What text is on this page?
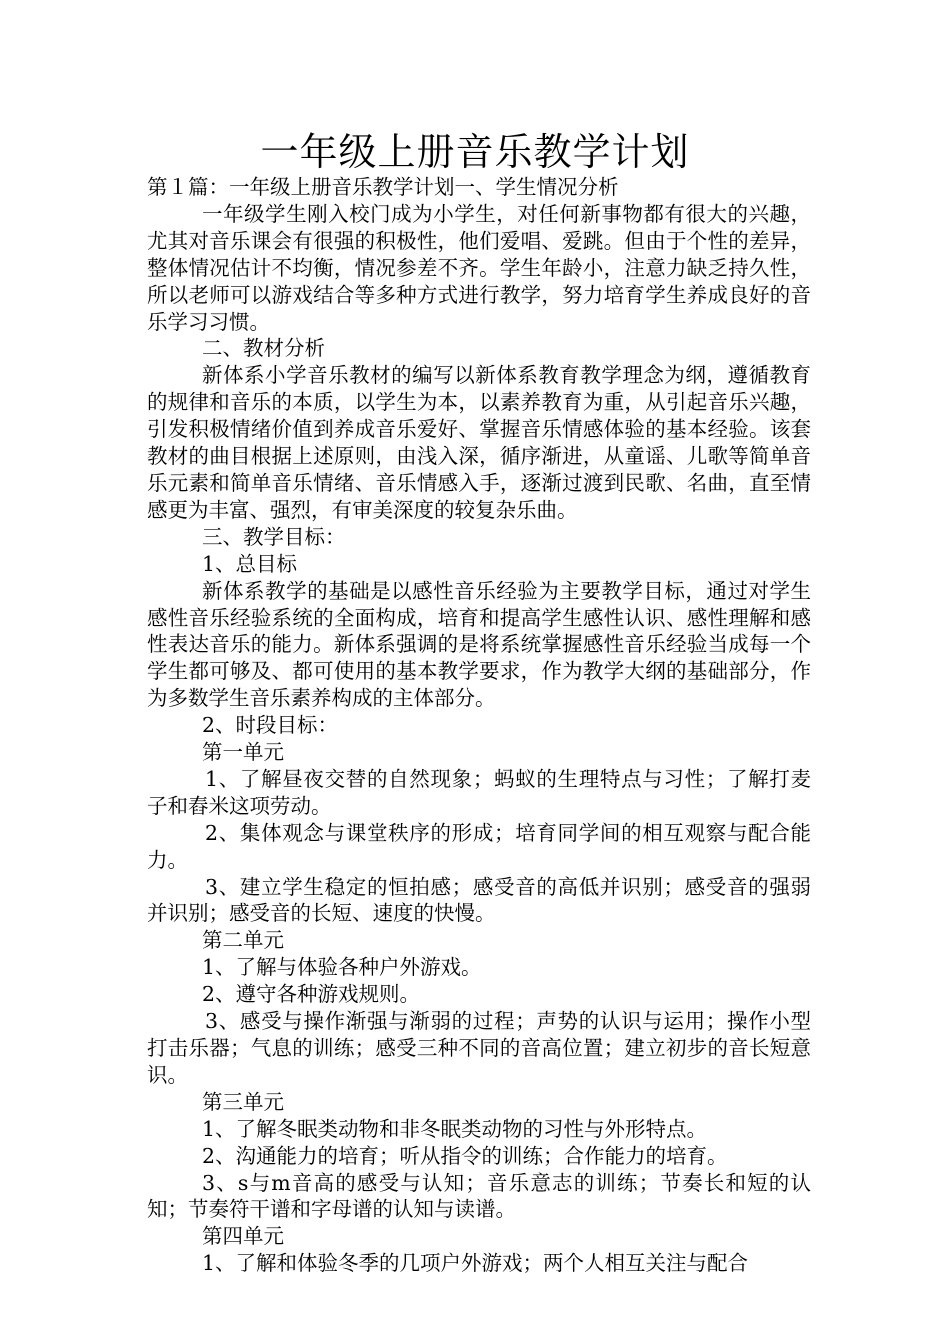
一年级上册音乐教学计划

第１篇：一年级上册音乐教学计划一、学生情况分析

一年级学生刚入校门成为小学生，对任何新事物都有很大的兴趣，尤其对音乐课会有很强的积极性，他们爱唱、爱跳。但由于个性的差异，整体情况估计不均衡，情况参差不齐。学生年龄小，注意力缺乏持久性，所以老师可以游戏结合等多种方式进行教学，努力培育学生养成良好的音乐学习习惯。

二、教材分析

新体系小学音乐教材的编写以新体系教育教学理念为纲，遵循教育的规律和音乐的本质，以学生为本，以素养教育为重，从引起音乐兴趣，引发积极情绪价值到养成音乐爱好、掌握音乐情感体验的基本经验。该套教材的曲目根据上述原则，由浅入深，循序渐进，从童谣、儿歌等简单音乐元素和简单音乐情绪、音乐情感入手，逐渐过渡到民歌、名曲，直至情感更为丰富、强烈，有审美深度的较复杂乐曲。

三、教学目标：

1、总目标

新体系教学的基础是以感性音乐经验为主要教学目标，通过对学生感性音乐经验系统的全面构成，培育和提高学生感性认识、感性理解和感性表达音乐的能力。新体系强调的是将系统掌握感性音乐经验当成每一个学生都可够及、都可使用的基本教学要求，作为教学大纲的基础部分，作为多数学生音乐素养构成的主体部分。

2、时段目标：

第一单元

1、了解昼夜交替的自然现象；蚂蚁的生理特点与习性；了解打麦子和舂米这项劳动。

2、集体观念与课堂秩序的形成；培育同学间的相互观察与配合能力。

3、建立学生稳定的恒拍感；感受音的高低并识别；感受音的强弱并识别；感受音的长短、速度的快慢。

第二单元

1、了解与体验各种户外游戏。

2、遵守各种游戏规则。

3、感受与操作渐强与渐弱的过程；声势的认识与运用；操作小型打击乐器；气息的训练；感受三种不同的音高位置；建立初步的音长短意识。

第三单元

1、了解冬眠类动物和非冬眠类动物的习性与外形特点。

2、沟通能力的培育；听从指令的训练；合作能力的培育。

3、s与m音高的感受与认知；音乐意志的训练；节奏长和短的认知；节奏符干谱和字母谱的认知与读谱。

第四单元

1、了解和体验冬季的几项户外游戏；两个人相互关注与配合
